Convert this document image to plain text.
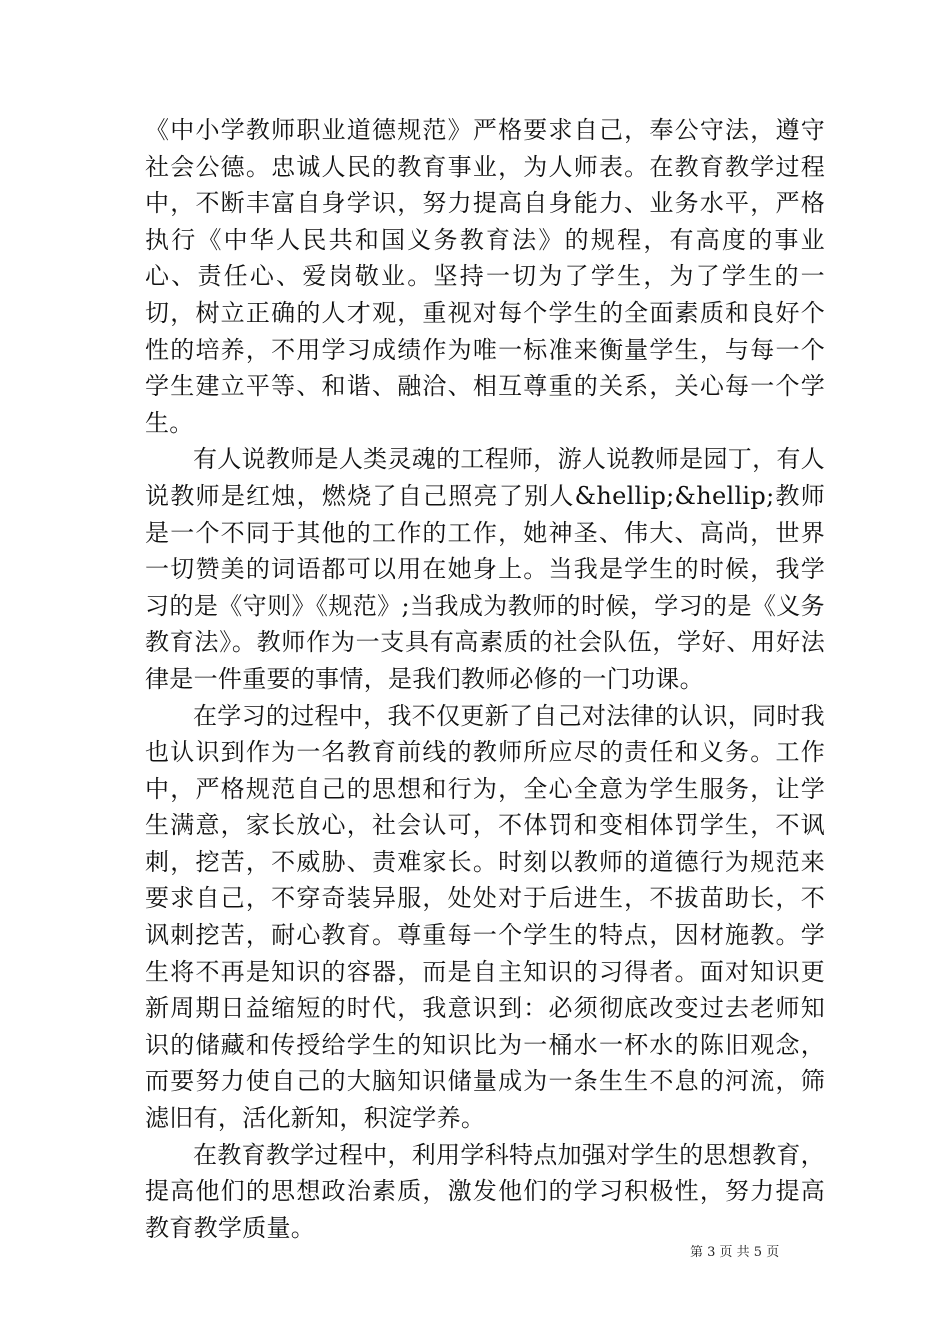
《中小学教师职业道德规范》严格要求自己，奉公守法，遵守社会公德。忠诚人民的教育事业，为人师表。在教育教学过程中，不断丰富自身学识，努力提高自身能力、业务水平，严格执行《中华人民共和国义务教育法》的规程，有高度的事业心、责任心、爱岗敬业。坚持一切为了学生，为了学生的一切，树立正确的人才观，重视对每个学生的全面素质和良好个性的培养，不用学习成绩作为唯一标准来衡量学生，与每一个学生建立平等、和谐、融洽、相互尊重的关系，关心每一个学生。

有人说教师是人类灵魂的工程师，游人说教师是园丁，有人说教师是红烛，燃烧了自己照亮了别人&hellip;&hellip;教师是一个不同于其他的工作的工作，她神圣、伟大、高尚，世界一切赞美的词语都可以用在她身上。当我是学生的时候，我学习的是《守则》《规范》;当我成为教师的时候，学习的是《义务教育法》。教师作为一支具有高素质的社会队伍，学好、用好法律是一件重要的事情，是我们教师必修的一门功课。

在学习的过程中，我不仅更新了自己对法律的认识，同时我也认识到作为一名教育前线的教师所应尽的责任和义务。工作中，严格规范自己的思想和行为，全心全意为学生服务，让学生满意，家长放心，社会认可，不体罚和变相体罚学生，不讽刺，挖苦，不威胁、责难家长。时刻以教师的道德行为规范来要求自己，不穿奇装异服，处处对于后进生，不拔苗助长，不讽刺挖苦，耐心教育。尊重每一个学生的特点，因材施教。学生将不再是知识的容器，而是自主知识的习得者。面对知识更新周期日益缩短的时代，我意识到：必须彻底改变过去老师知识的储藏和传授给学生的知识比为一桶水一杯水的陈旧观念，而要努力使自己的大脑知识储量成为一条生生不息的河流，筛滤旧有，活化新知，积淀学养。

在教育教学过程中，利用学科特点加强对学生的思想教育，提高他们的思想政治素质，激发他们的学习积极性，努力提高教育教学质量。

第 3 页 共 5 页
